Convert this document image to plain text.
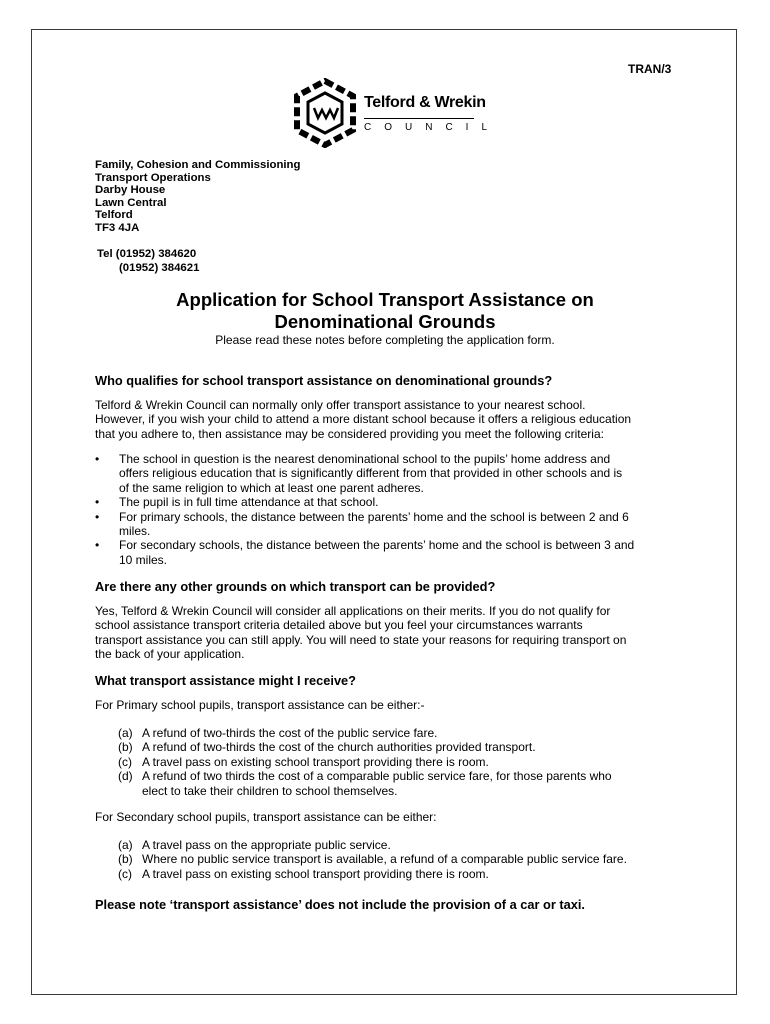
TRAN/3
Telford & Wrekin
COUNCIL
Family, Cohesion and Commissioning
Transport Operations
Darby House
Lawn Central
Telford
TF3 4JA
Tel (01952) 384620
(01952) 384621
Application for School Transport Assistance on
Denominational Grounds
Please read these notes before completing the application form.
Who qualifies for school transport assistance on denominational grounds?
Telford & Wrekin Council can normally only offer transport assistance to your nearest school.
However, if you wish your child to attend a more distant school because it offers a religious education
that you adhere to, then assistance may be considered providing you meet the following criteria:
• The school in question is the nearest denominational school to the pupils’ home address and
offers religious education that is significantly different from that provided in other schools and is
of the same religion to which at least one parent adheres.
• The pupil is in full time attendance at that school.
• For primary schools, the distance between the parents’ home and the school is between 2 and 6
miles.
• For secondary schools, the distance between the parents’ home and the school is between 3 and
10 miles.
Are there any other grounds on which transport can be provided?
Yes, Telford & Wrekin Council will consider all applications on their merits. If you do not qualify for
school assistance transport criteria detailed above but you feel your circumstances warrants
transport assistance you can still apply. You will need to state your reasons for requiring transport on
the back of your application.
What transport assistance might I receive?
For Primary school pupils, transport assistance can be either:-
(a) A refund of two-thirds the cost of the public service fare.
(b) A refund of two-thirds the cost of the church authorities provided transport.
(c) A travel pass on existing school transport providing there is room.
(d) A refund of two thirds the cost of a comparable public service fare, for those parents who
elect to take their children to school themselves.
For Secondary school pupils, transport assistance can be either:
(a) A travel pass on the appropriate public service.
(b) Where no public service transport is available, a refund of a comparable public service fare.
(c) A travel pass on existing school transport providing there is room.
Please note ‘transport assistance’ does not include the provision of a car or taxi.
